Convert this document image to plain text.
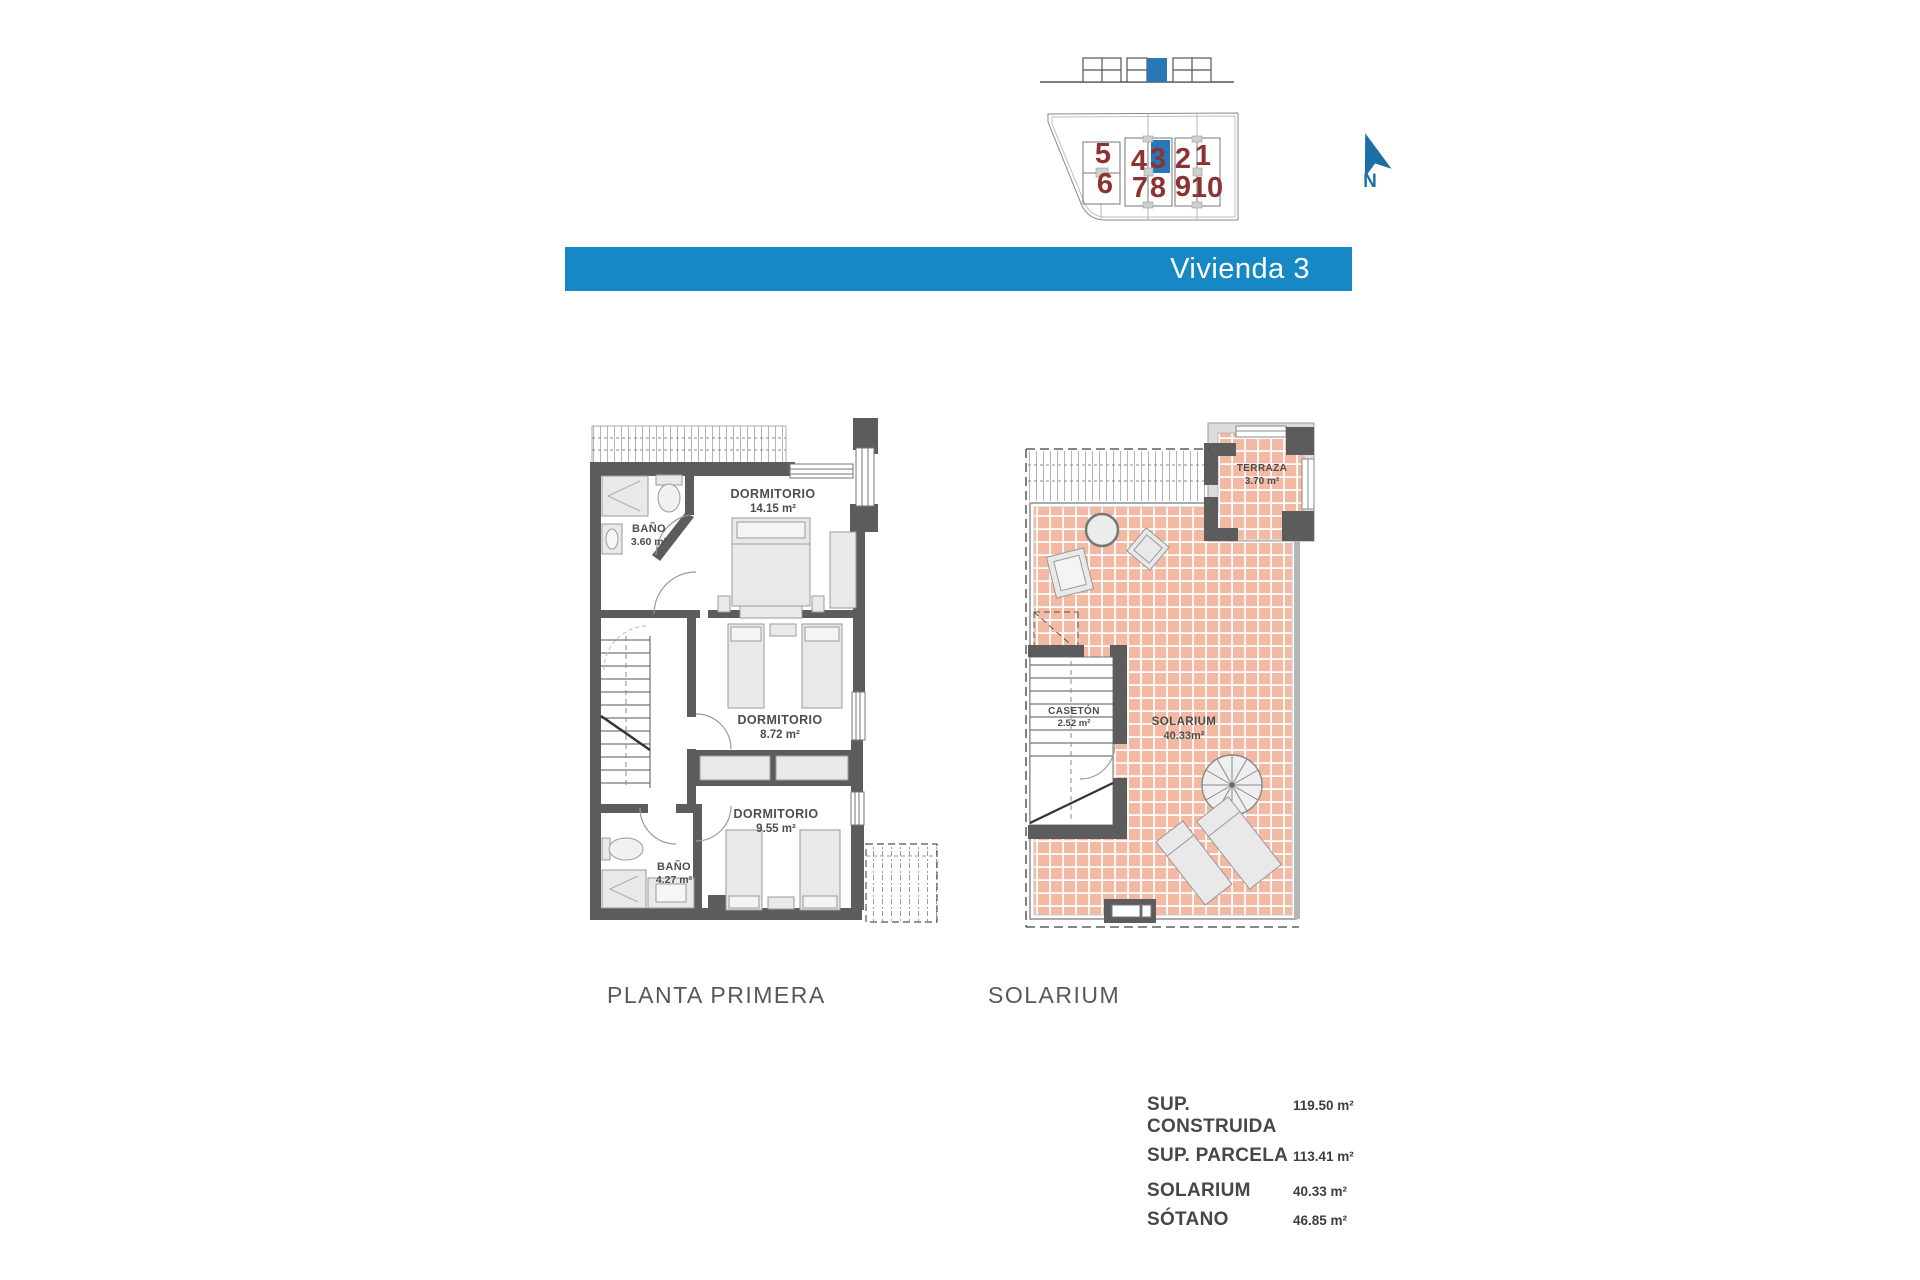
5 4 3 2 1
6 7 8 9 10	N
Vivienda 3
BAÑO
3.60 m²
DORMITORIO
14.15 m²
DORMITORIO
8.72 m²
DORMITORIO
9.55 m²
BAÑO
4.27 m²
TERRAZA
3.70 m²
SOLARIUM
40.33m²
CASETÓN
2.52 m²
PLANTA PRIMERA	SOLARIUM
SUP. CONSTRUIDA
119.50 m²
SUP. PARCELA 113.41 m²
SOLARIUM	40.33 m²
SÓTANO	46.85 m²
